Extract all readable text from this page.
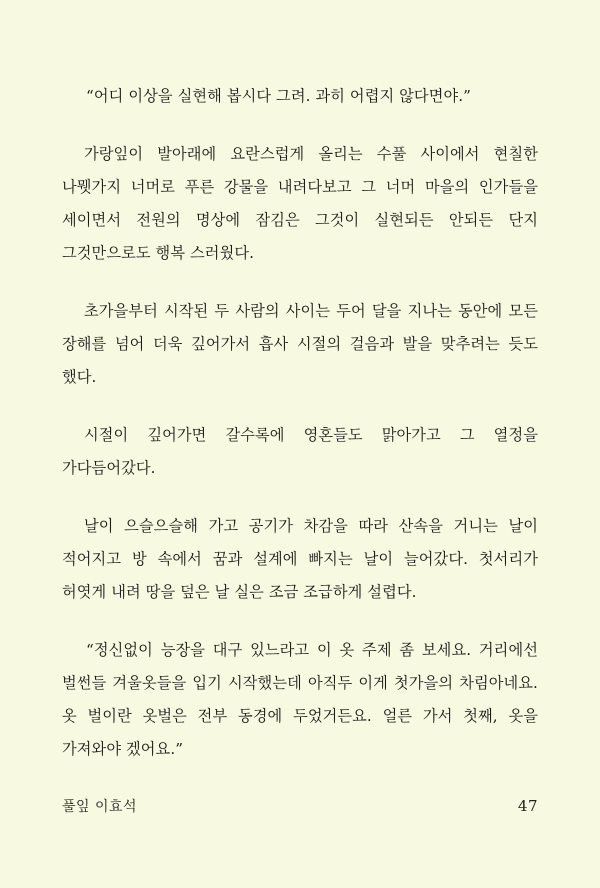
“어디 이상을 실현해 봅시다 그려. 과히 어렵지 않다면야.”

가랑잎이 발아래에 요란스럽게 올리는 수풀 사이에서 현칠한 나뭿가지 너머로 푸른 강물을 내려다보고 그 너머 마을의 인가들을 세이면서 전원의 명상에 잠김은 그것이 실현되든 안되든 단지 그것만으로도 행복 스러웠다.

초가을부터 시작된 두 사람의 사이는 두어 달을 지나는 동안에 모든 장해를 넘어 더욱 깊어가서 흡사 시절의 걸음과 발을 맞추려는 듯도 했다.

시절이 깊어가면 갈수록에 영혼들도 맑아가고 그 열정을 가다듬어갔다.

날이 으슬으슬해 가고 공기가 차감을 따라 산속을 거니는 날이 적어지고 방 속에서 꿈과 설계에 빠지는 날이 늘어갔다. 첫서리가 허엿게 내려 땅을 덮은 날 실은 조금 조급하게 설렵다.

“정신없이 능장을 대구 있느라고 이 옷 주제 좀 보세요. 거리에선 벌썬들 겨울옷들을 입기 시작했는데 아직두 이게 첫가을의 차림아네요. 옷 벌이란 옷벌은 전부 동경에 두었거든요. 얼른 가서 첫째, 옷을 가져와야 겠어요.”

풀잎 이효석	47
